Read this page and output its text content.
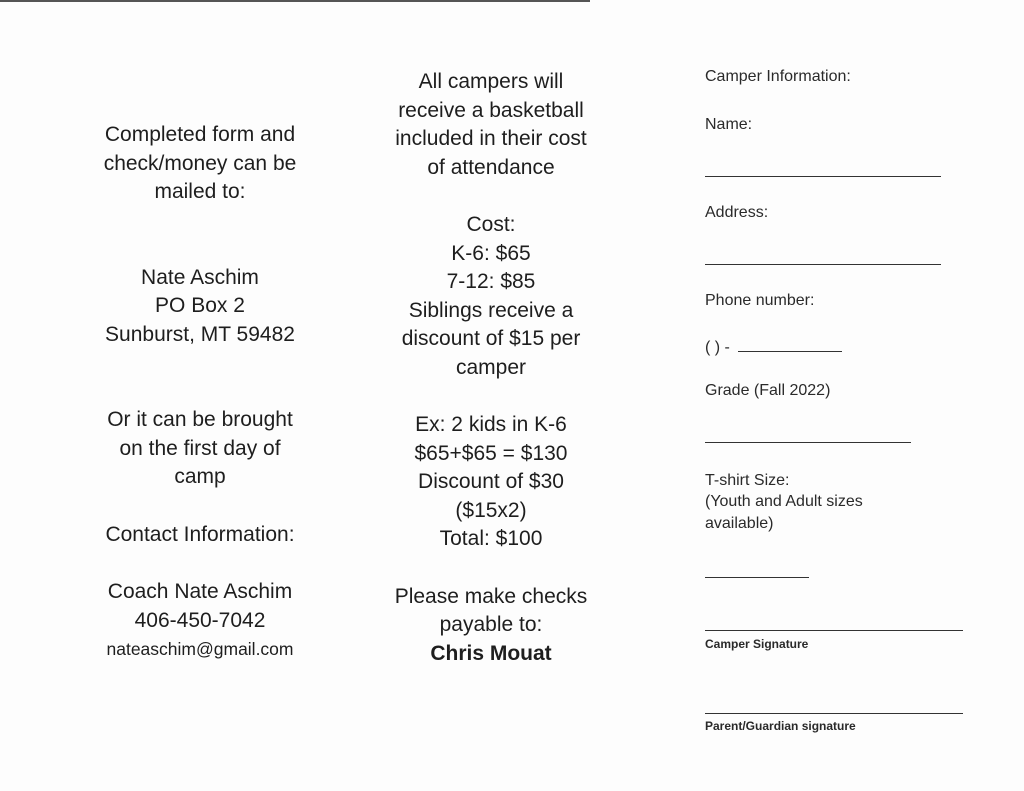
Completed form and

check/money can be

mailed to:

Nate Aschim

PO Box 2

Sunburst, MT 59482

Or it can be brought

on the first day of

camp

Contact Information:

Coach Nate Aschim

406-450-7042

nateaschim@gmail.com

All campers will

receive a basketball

included in their cost

of attendance

Cost:

K-6: $65

7-12: $85

Siblings receive a

discount of $15 per

camper

Ex: 2 kids in K-6

$65+$65 = $130

Discount of $30

($15x2)

Total: $100

Please make checks

payable to:

Chris Mouat

Camper Information:
Name:
Address:
Phone number:
( ) -
Grade (Fall 2022)
T-shirt Size:
(Youth and Adult sizes
available)
Camper Signature
Parent/Guardian signature
